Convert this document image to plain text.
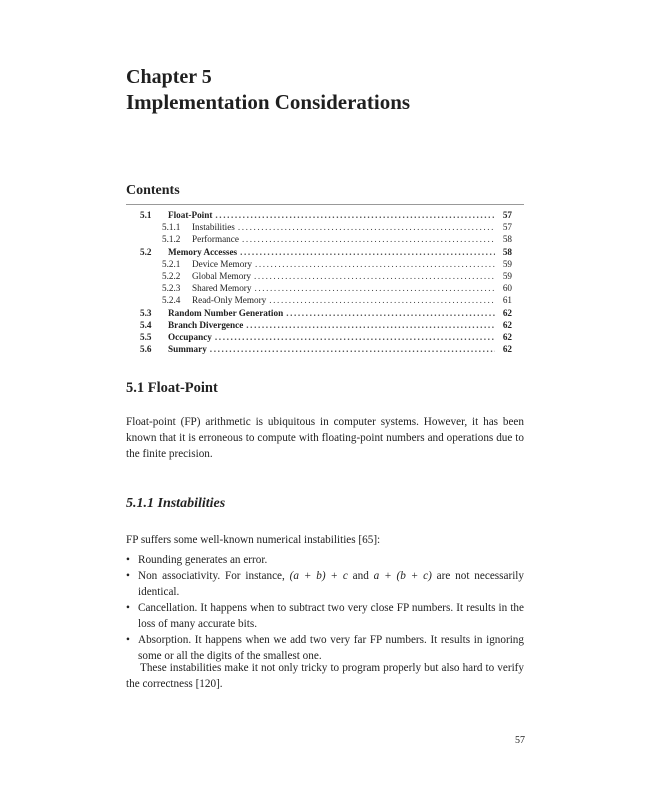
Chapter 5
Implementation Considerations
Contents
5.1	Float-Point .....	57
5.1.1	Instabilities .....	57
5.1.2	Performance .....	58
5.2	Memory Accesses .....	58
5.2.1	Device Memory .....	59
5.2.2	Global Memory .....	59
5.2.3	Shared Memory .....	60
5.2.4	Read-Only Memory .....	61
5.3	Random Number Generation .....	62
5.4	Branch Divergence .....	62
5.5	Occupancy .....	62
5.6	Summary .....	62
5.1 Float-Point
Float-point (FP) arithmetic is ubiquitous in computer systems. However, it has been known that it is erroneous to compute with floating-point numbers and operations due to the finite precision.
5.1.1 Instabilities
FP suffers some well-known numerical instabilities [65]:
• Rounding generates an error.
• Non associativity. For instance, (a + b) + c and a + (b + c) are not necessarily identical.
• Cancellation. It happens when to subtract two very close FP numbers. It results in the loss of many accurate bits.
• Absorption. It happens when we add two very far FP numbers. It results in ignoring some or all the digits of the smallest one.
These instabilities make it not only tricky to program properly but also hard to verify the correctness [120].
57
